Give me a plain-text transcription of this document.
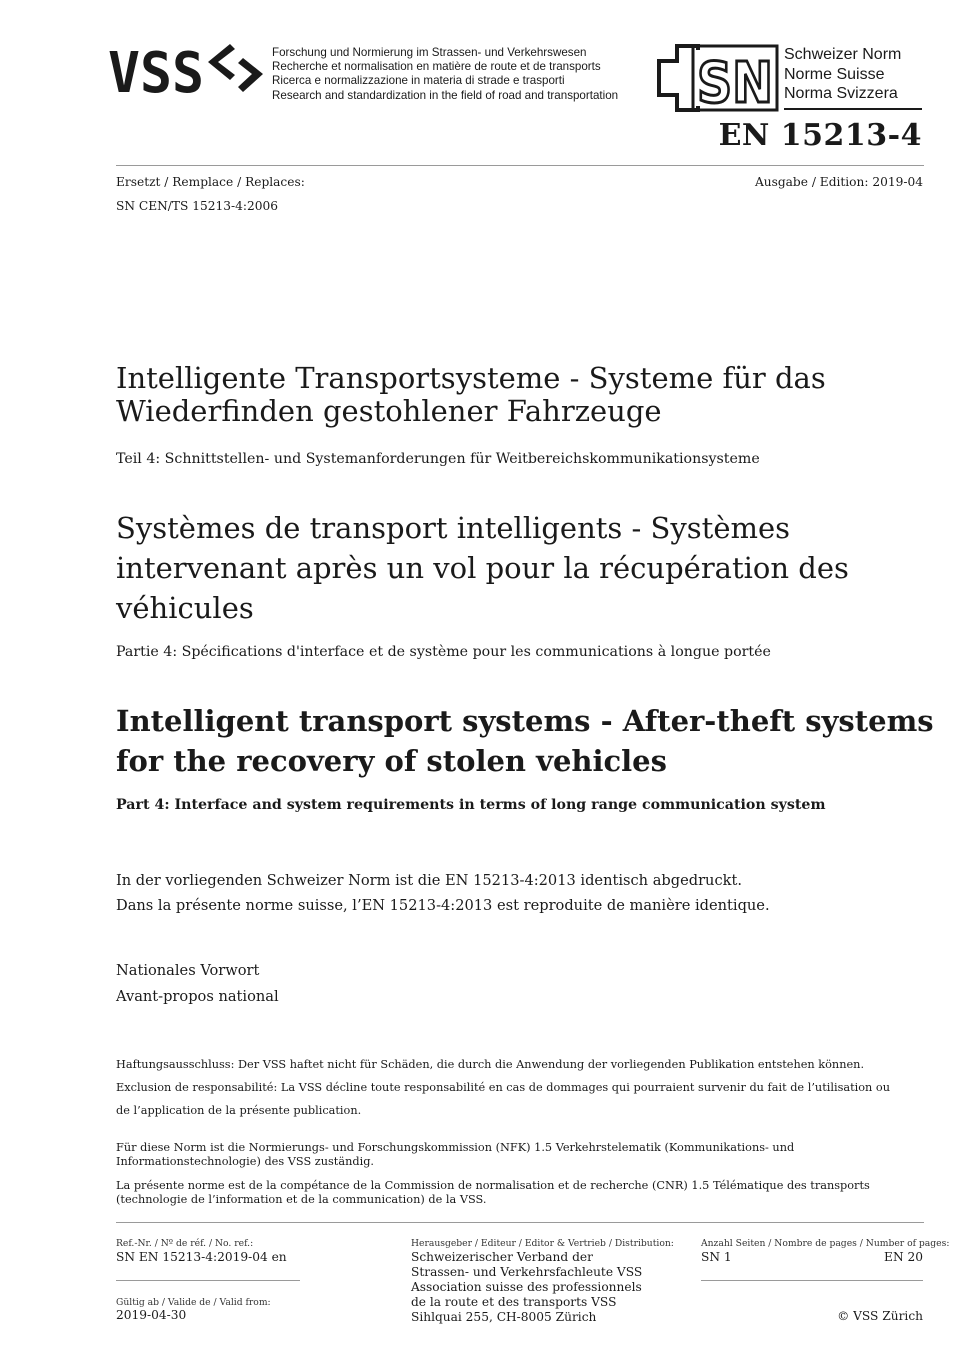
VSS	Forschung und Normierung im Strassen- und Verkehrswesen
Recherche et normalisation en matière de route et de transports
Ricerca e normalizzazione in materia di strade e trasporti
Research and standardization in the field of road and transportation SN Schweizer Norm
Norme Suisse
Norma Svizzera
EN 15213-4
Ersetzt / Remplace / Replaces:	Ausgabe / Edition: 2019-04
SN CEN/TS 15213-4:2006
Intelligente Transportsysteme - Systeme für das Wiederfinden gestohlener Fahrzeuge
Teil 4: Schnittstellen- und Systemanforderungen für Weitbereichskommunikationsysteme
Systèmes de transport intelligents - Systèmes intervenant après un vol pour la récupération des véhicules
Partie 4: Spécifications d'interface et de système pour les communications à longue portée
Intelligent transport systems - After-theft systems for the recovery of stolen vehicles
Part 4: Interface and system requirements in terms of long range communication system
In der vorliegenden Schweizer Norm ist die EN 15213-4:2013 identisch abgedruckt.
Dans la présente norme suisse, l’EN 15213-4:2013 est reproduite de manière identique.
Nationales Vorwort
Avant-propos national
Haftungsausschluss: Der VSS haftet nicht für Schäden, die durch die Anwendung der vorliegenden Publikation entstehen können.
Exclusion de responsabilité: La VSS décline toute responsabilité en cas de dommages qui pourraient survenir du fait de l’utilisation ou
de l’application de la présente publication.
Für diese Norm ist die Normierungs- und Forschungskommission (NFK) 1.5 Verkehrstelematik (Kommunikations- und Informationstechnologie) des VSS zuständig.
La présente norme est de la compétance de la Commission de normalisation et de recherche (CNR) 1.5 Télématique des transports (technologie de l’information et de la communication) de la VSS.
Ref.-Nr. / Nº de réf. / No. ref.:
SN EN 15213-4:2019-04 en
Gültig ab / Valide de / Valid from:
2019-04-30
Herausgeber / Editeur / Editor & Vertrieb / Distribution:
Schweizerischer Verband der
Strassen- und Verkehrsfachleute VSS
Association suisse des professionnels
de la route et des transports VSS
Sihlquai 255, CH-8005 Zürich
Anzahl Seiten / Nombre de pages / Number of pages:
SN 1	EN 20
© VSS Zürich
